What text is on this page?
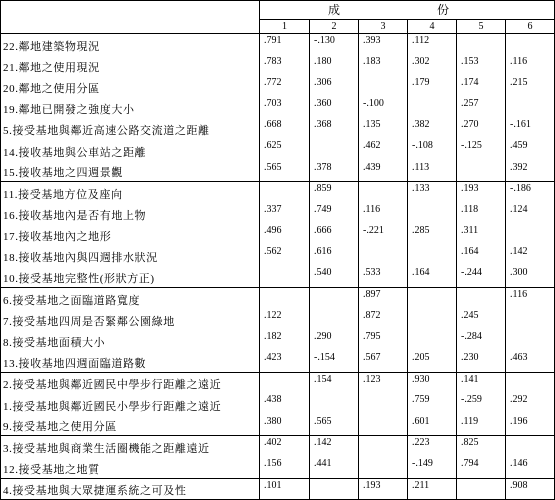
	成 份					

	1	2	3	4	5	6
22.鄰地建築物現況	.791	-.130	.393	.112		
21.鄰地之使用現況	.783	.180	.183	.302	.153	.116
20.鄰地之使用分區	.772	.306		.179	.174	.215
19.鄰地已開發之強度大小	.703	.360	-.100		.257	
5.接受基地與鄰近高速公路交流道之距離	.668	.368	.135	.382	.270	-.161
14.接收基地與公車站之距離	.625		.462	-.108	-.125	.459
15.接收基地之四週景觀	.565	.378	.439	.113		.392
11.接受基地方位及座向		.859		.133	.193	-.186
16.接收基地內是否有地上物	.337	.749	.116		.118	.124
17.接收基地內之地形	.496	.666	-.221	.285	.311	
18.接收基地內與四週排水狀況	.562	.616			.164	.142
10.接受基地完整性(形狀方正)		.540	.533	.164	-.244	.300
6.接受基地之面臨道路寬度			.897			.116
7.接受基地四周是否緊鄰公園綠地	.122		.872		.245	
8.接受基地面積大小	.182	.290	.795		-.284	
13.接收基地四週面臨道路數	.423	-.154	.567	.205	.230	.463
2.接受基地與鄰近國民中學步行距離之遠近		.154	.123	.930	.141	
1.接受基地與鄰近國民小學步行距離之遠近	.438			.759	-.259	.292
9.接受基地之使用分區	.380	.565		.601	.119	.196
3.接受基地與商業生活圈機能之距離遠近	.402	.142		.223	.825	
12.接受基地之地質	.156	.441		-.149	.794	.146
4.接受基地與大眾捷運系統之可及性	.101		.193	.211		.908
